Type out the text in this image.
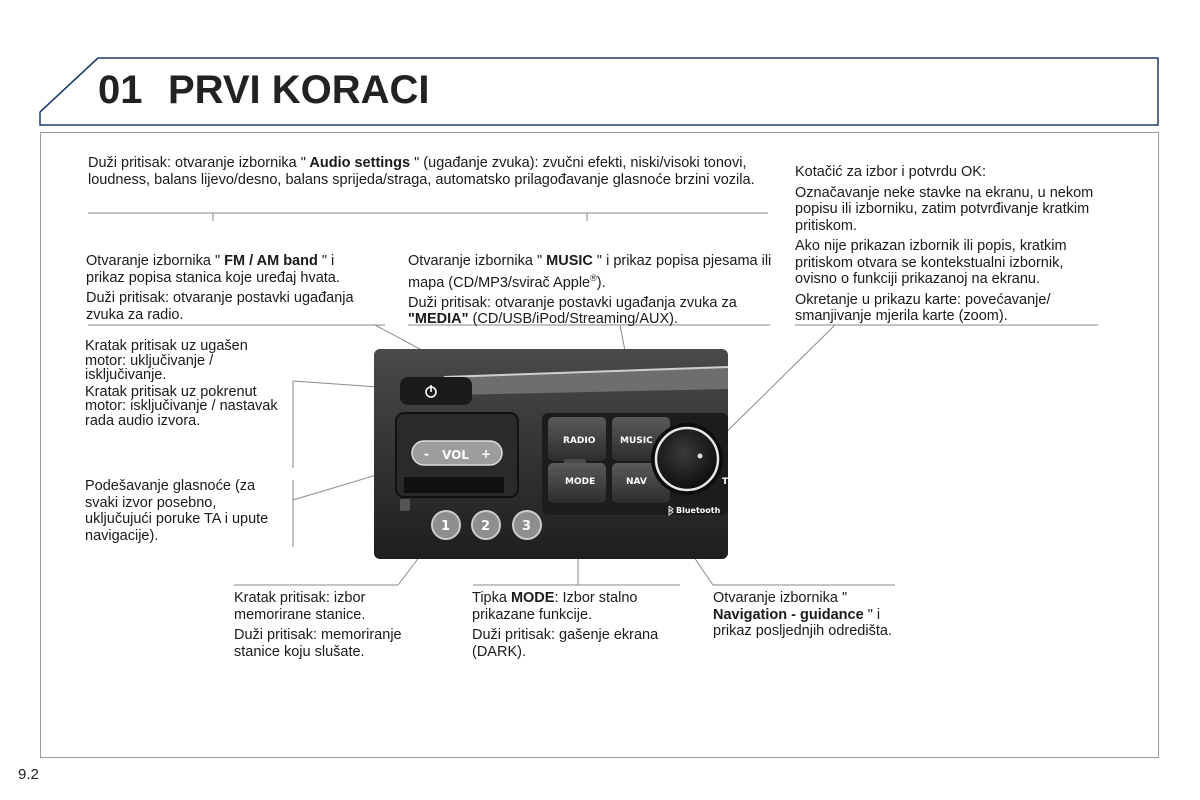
01 PRVI KORACI
- VOL +
RADIO	MUSIC
MODE	NAV	T
Bluetooth
1 2 3

Duži pritisak: otvaranje izbornika " Audio settings " (ugađanje zvuka): zvučni efekti, niski/visoki tonovi, loudness, balans lijevo/desno, balans sprijeda/straga, automatsko prilagođavanje glasnoće brzini vozila.

Otvaranje izbornika " FM / AM band " i prikaz popisa stanica koje uređaj hvata.

Duži pritisak: otvaranje postavki ugađanja zvuka za radio.

Otvaranje izbornika " MUSIC " i prikaz popisa pjesama ili mapa (CD/MP3/svirač Apple®).

Duži pritisak: otvaranje postavki ugađanja zvuka za "MEDIA" (CD/USB/iPod/Streaming/AUX).

Kotačić za izbor i potvrdu OK:

Označavanje neke stavke na ekranu, u nekom popisu ili izborniku, zatim potvrđivanje kratkim pritiskom.

Ako nije prikazan izbornik ili popis, kratkim pritiskom otvara se kontekstualni izbornik, ovisno o funkciji prikazanoj na ekranu.

Okretanje u prikazu karte: povećavanje/ smanjivanje mjerila karte (zoom).

Kratak pritisak uz ugašen motor: uključivanje / isključivanje.

Kratak pritisak uz pokrenut motor: isključivanje / nastavak rada audio izvora.

Podešavanje glasnoće (za svaki izvor posebno, uključujući poruke TA i upute navigacije).

Kratak pritisak: izbor memorirane stanice.

Duži pritisak: memoriranje stanice koju slušate.

Tipka MODE: Izbor stalno prikazane funkcije.

Duži pritisak: gašenje ekrana (DARK).

Otvaranje izbornika " Navigation - guidance " i prikaz posljednjih odredišta.

9.2
